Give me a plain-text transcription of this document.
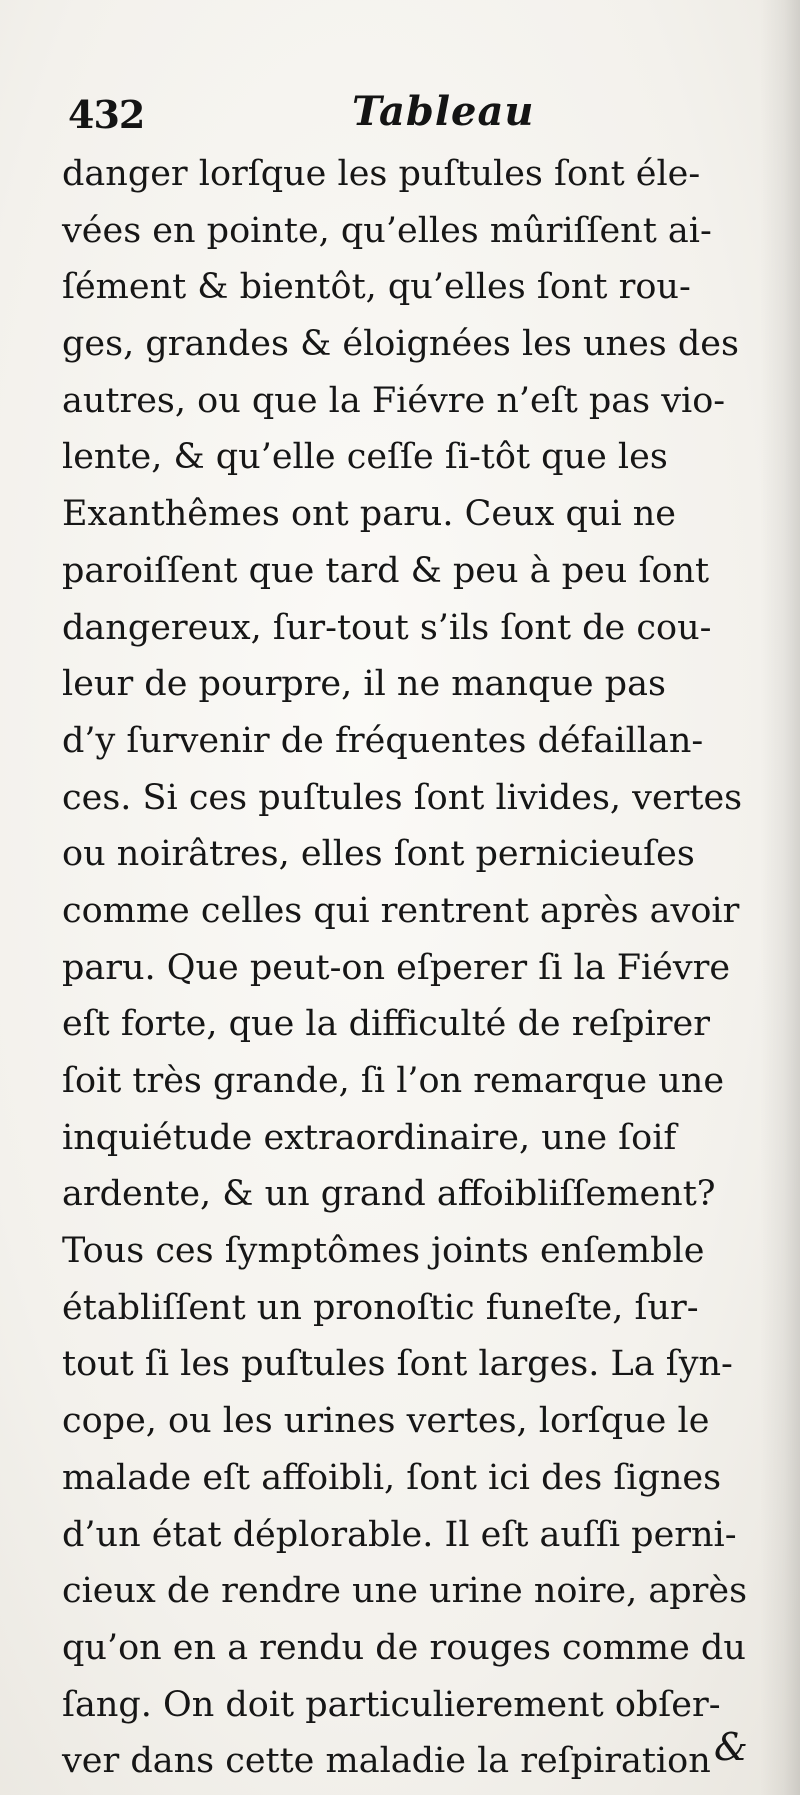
432	Tableau
danger lorſque les puſtules ſont éle-
vées en pointe, qu’elles mûriſſent ai-
ſément & bientôt, qu’elles ſont rou-
ges, grandes & éloignées les unes des
autres, ou que la Fiévre n’eſt pas vio-
lente, & qu’elle ceſſe ſi-tôt que les
Exanthêmes ont paru. Ceux qui ne
paroiſſent que tard & peu à peu ſont
dangereux, ſur-tout s’ils ſont de cou-
leur de pourpre, il ne manque pas
d’y ſurvenir de fréquentes défaillan-
ces. Si ces puſtules ſont livides, vertes
ou noirâtres, elles ſont pernicieuſes
comme celles qui rentrent après avoir
paru. Que peut-on eſperer ſi la Fiévre
eſt forte, que la difficulté de reſpirer
ſoit très grande, ſi l’on remarque une
inquiétude extraordinaire, une ſoif
ardente, & un grand affoibliſſement?
Tous ces ſymptômes joints enſemble
établiſſent un pronoſtic funeſte, ſur-
tout ſi les puſtules ſont larges. La ſyn-
cope, ou les urines vertes, lorſque le
malade eſt affoibli, ſont ici des ſignes
d’un état déplorable. Il eſt auſſi perni-
cieux de rendre une urine noire, après
qu’on en a rendu de rouges comme du
ſang. On doit particulierement obſer-
ver dans cette maladie la reſpiration &
